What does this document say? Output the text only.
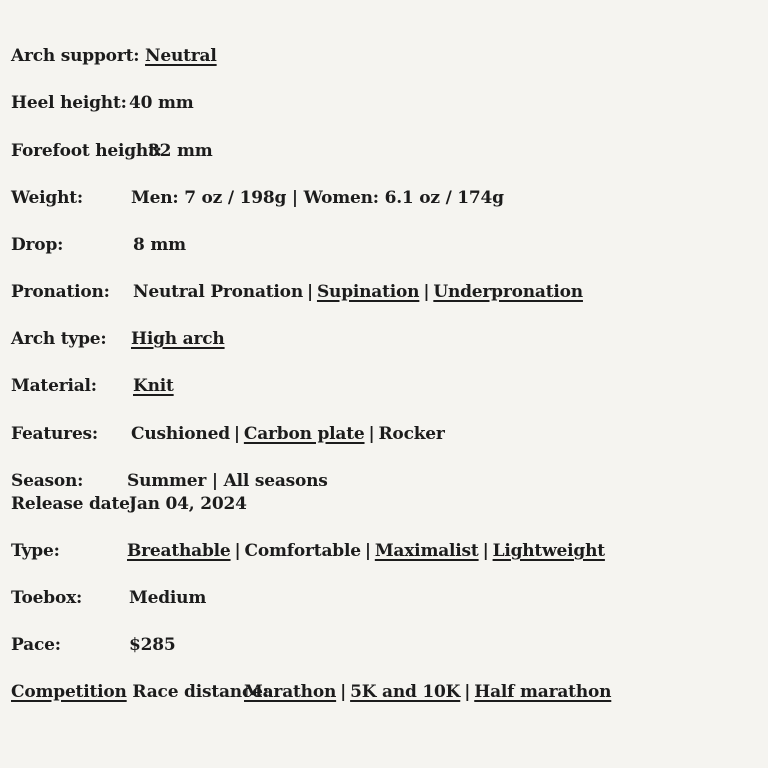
Arch support: Neutral
Heel height: 40 mm
Forefoot height:
32 mm
Weight:	Men: 7 oz / 198g | Women: 6.1 oz / 174g
Drop:	8 mm
Pronation: Neutral Pronation | Supination | Underpronation
Arch type: High arch
Material: Knit
Features: Cushioned | Carbon plate | Rocker
Season:	Summer | All seasons
Release date:
Jan 04, 2024
Type:	Breathable | Comfortable | Maximalist | Lightweight
Toebox:	Medium
Pace:	$285
Competition Race distance:
Marathon | 5K and 10K | Half marathon
